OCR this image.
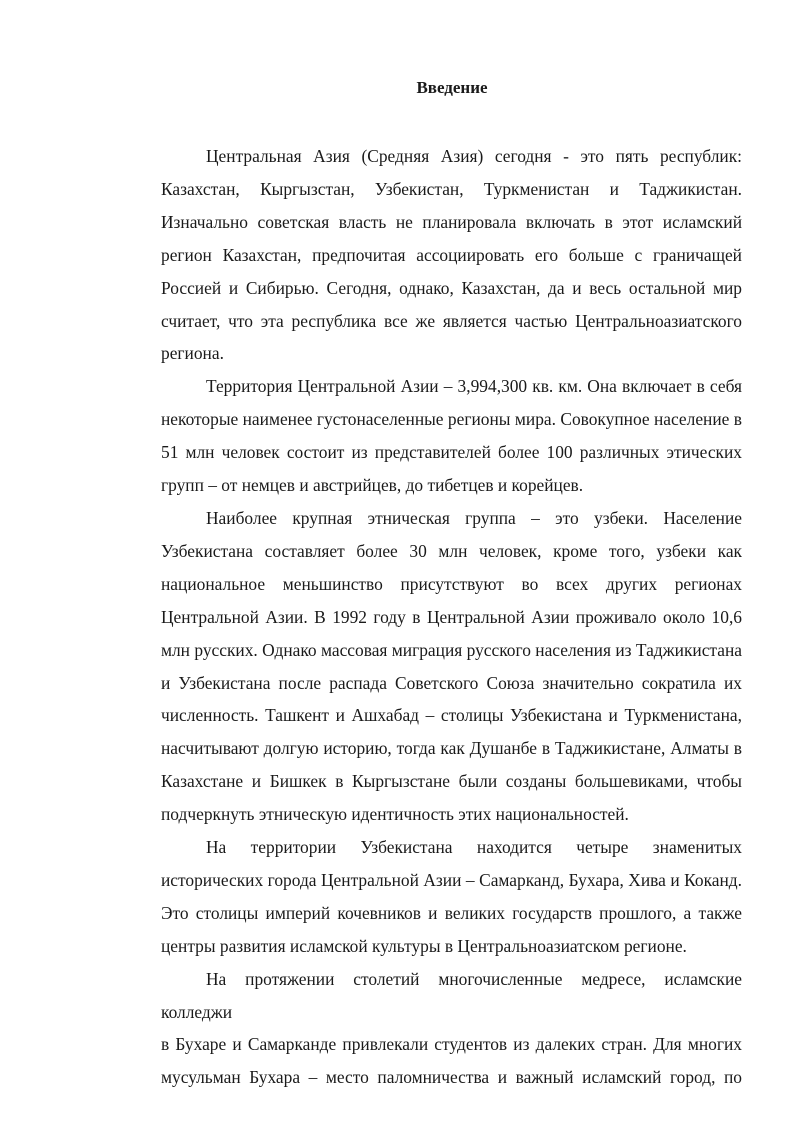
Введение
Центральная Азия (Средняя Азия) сегодня - это пять республик:
Казахстан, Кыргызстан, Узбекистан, Туркменистан и Таджикистан.
Изначально советская власть не планировала включать в этот исламский
регион Казахстан, предпочитая ассоциировать его больше с граничащей
Россией и Сибирью. Сегодня, однако, Казахстан, да и весь остальной мир
считает, что эта республика все же является частью Центральноазиатского
региона.
Территория Центральной Азии – 3,994,300 кв. км. Она включает в себя
некоторые наименее густонаселенные регионы мира. Совокупное население в
51 млн человек состоит из представителей более 100 различных этических
групп – от немцев и австрийцев, до тибетцев и корейцев.
Наиболее крупная этническая группа – это узбеки. Население
Узбекистана составляет более 30 млн человек, кроме того, узбеки как
национальное меньшинство присутствуют во всех других регионах
Центральной Азии. В 1992 году в Центральной Азии проживало около 10,6
млн русских. Однако массовая миграция русского населения из Таджикистана
и Узбекистана после распада Советского Союза значительно сократила их
численность. Ташкент и Ашхабад – столицы Узбекистана и Туркменистана,
насчитывают долгую историю, тогда как Душанбе в Таджикистане, Алматы в
Казахстане и Бишкек в Кыргызстане были созданы большевиками, чтобы
подчеркнуть этническую идентичность этих национальностей.
На территории Узбекистана находится четыре знаменитых
исторических города Центральной Азии – Самарканд, Бухара, Хива и Коканд.
Это столицы империй кочевников и великих государств прошлого, а также
центры развития исламской культуры в Центральноазиатском регионе.
На протяжении столетий многочисленные медресе, исламские колледжи
в Бухаре и Самарканде привлекали студентов из далеких стран. Для многих
мусульман Бухара – место паломничества и важный исламский город, по
